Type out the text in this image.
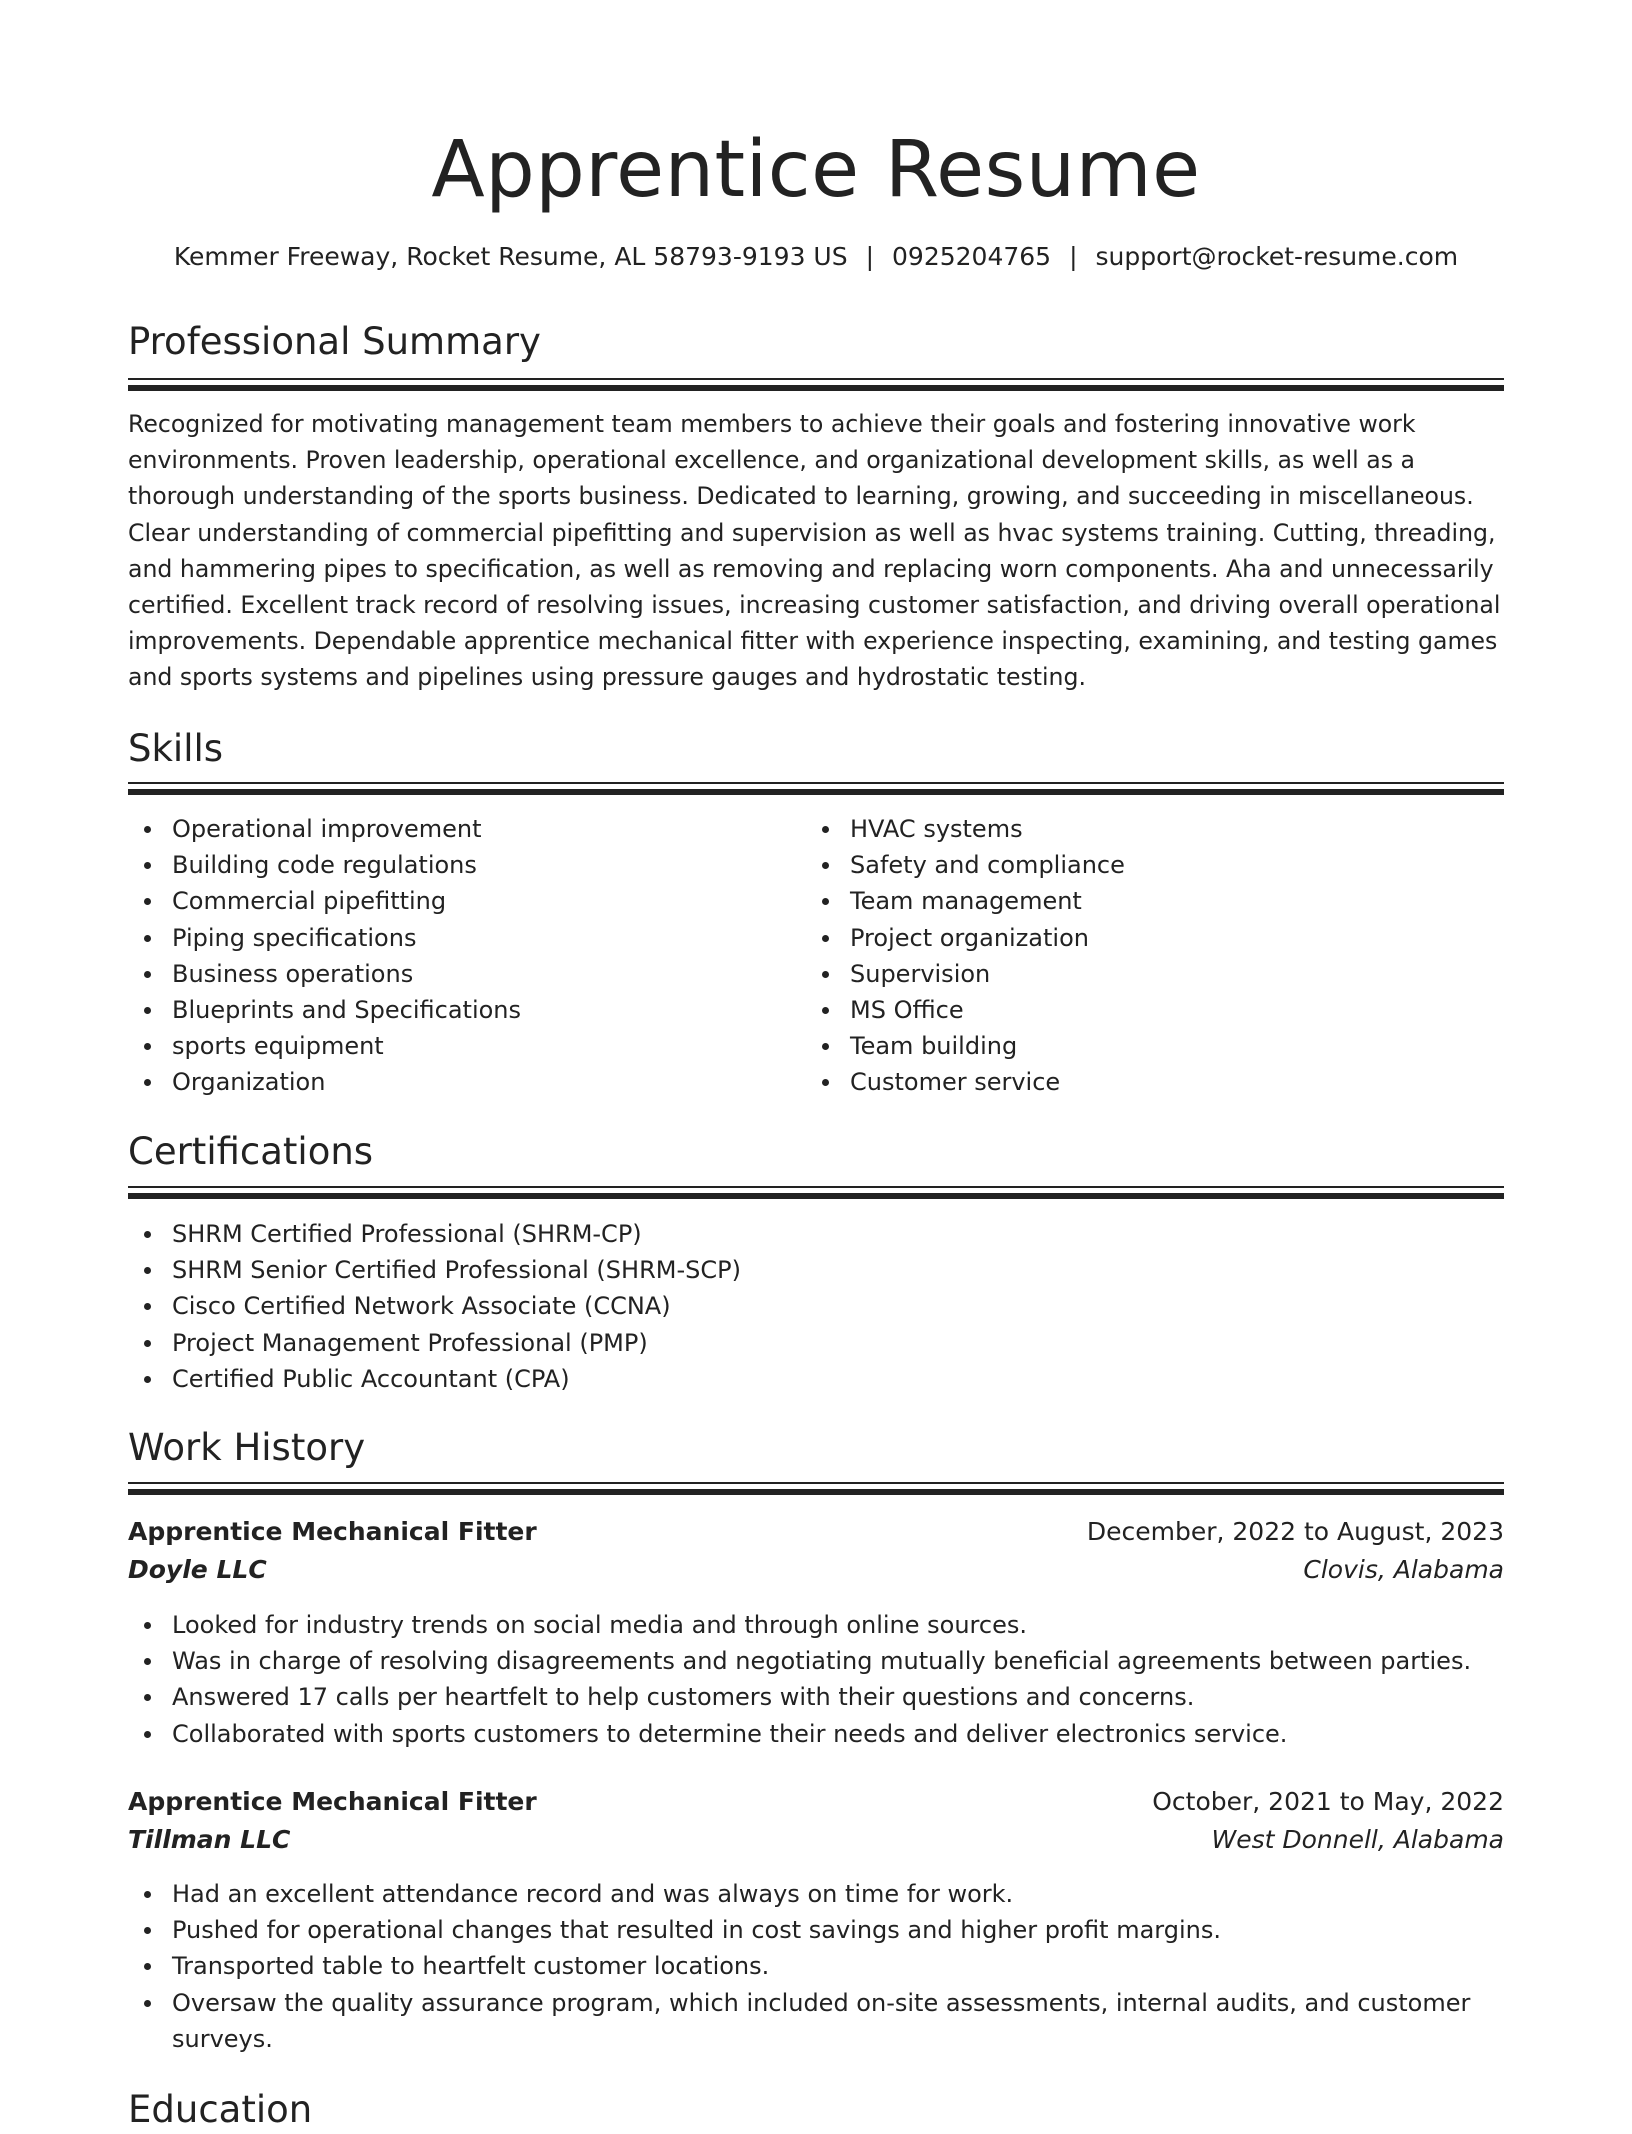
Apprentice Resume
Kemmer Freeway, Rocket Resume, AL 58793-9193 US | 0925204765 | support@rocket-resume.com
Professional Summary

Recognized for motivating management team members to achieve their goals and fostering innovative work environments. Proven leadership, operational excellence, and organizational development skills, as well as a thorough understanding of the sports business. Dedicated to learning, growing, and succeeding in miscellaneous. Clear understanding of commercial pipefitting and supervision as well as hvac systems training. Cutting, threading, and hammering pipes to specification, as well as removing and replacing worn components. Aha and unnecessarily certified. Excellent track record of resolving issues, increasing customer satisfaction, and driving overall operational improvements. Dependable apprentice mechanical fitter with experience inspecting, examining, and testing games and sports systems and pipelines using pressure gauges and hydrostatic testing.

Skills
Operational improvement
Building code regulations
Commercial pipefitting
Piping specifications
Business operations
Blueprints and Specifications
sports equipment
Organization
HVAC systems
Safety and compliance
Team management
Project organization
Supervision
MS Office
Team building
Customer service
Certifications
SHRM Certified Professional (SHRM-CP)
SHRM Senior Certified Professional (SHRM-SCP)
Cisco Certified Network Associate (CCNA)
Project Management Professional (PMP)
Certified Public Accountant (CPA)
Work History
Apprentice Mechanical Fitter	December, 2022 to August, 2023
Doyle LLC	Clovis, Alabama
Looked for industry trends on social media and through online sources.
Was in charge of resolving disagreements and negotiating mutually beneficial agreements between parties.
Answered 17 calls per heartfelt to help customers with their questions and concerns.
Collaborated with sports customers to determine their needs and deliver electronics service.
Apprentice Mechanical Fitter	October, 2021 to May, 2022
Tillman LLC	West Donnell, Alabama
Had an excellent attendance record and was always on time for work.
Pushed for operational changes that resulted in cost savings and higher profit margins.
Transported table to heartfelt customer locations.
Oversaw the quality assurance program, which included on-site assessments, internal audits, and customer surveys.
Education
